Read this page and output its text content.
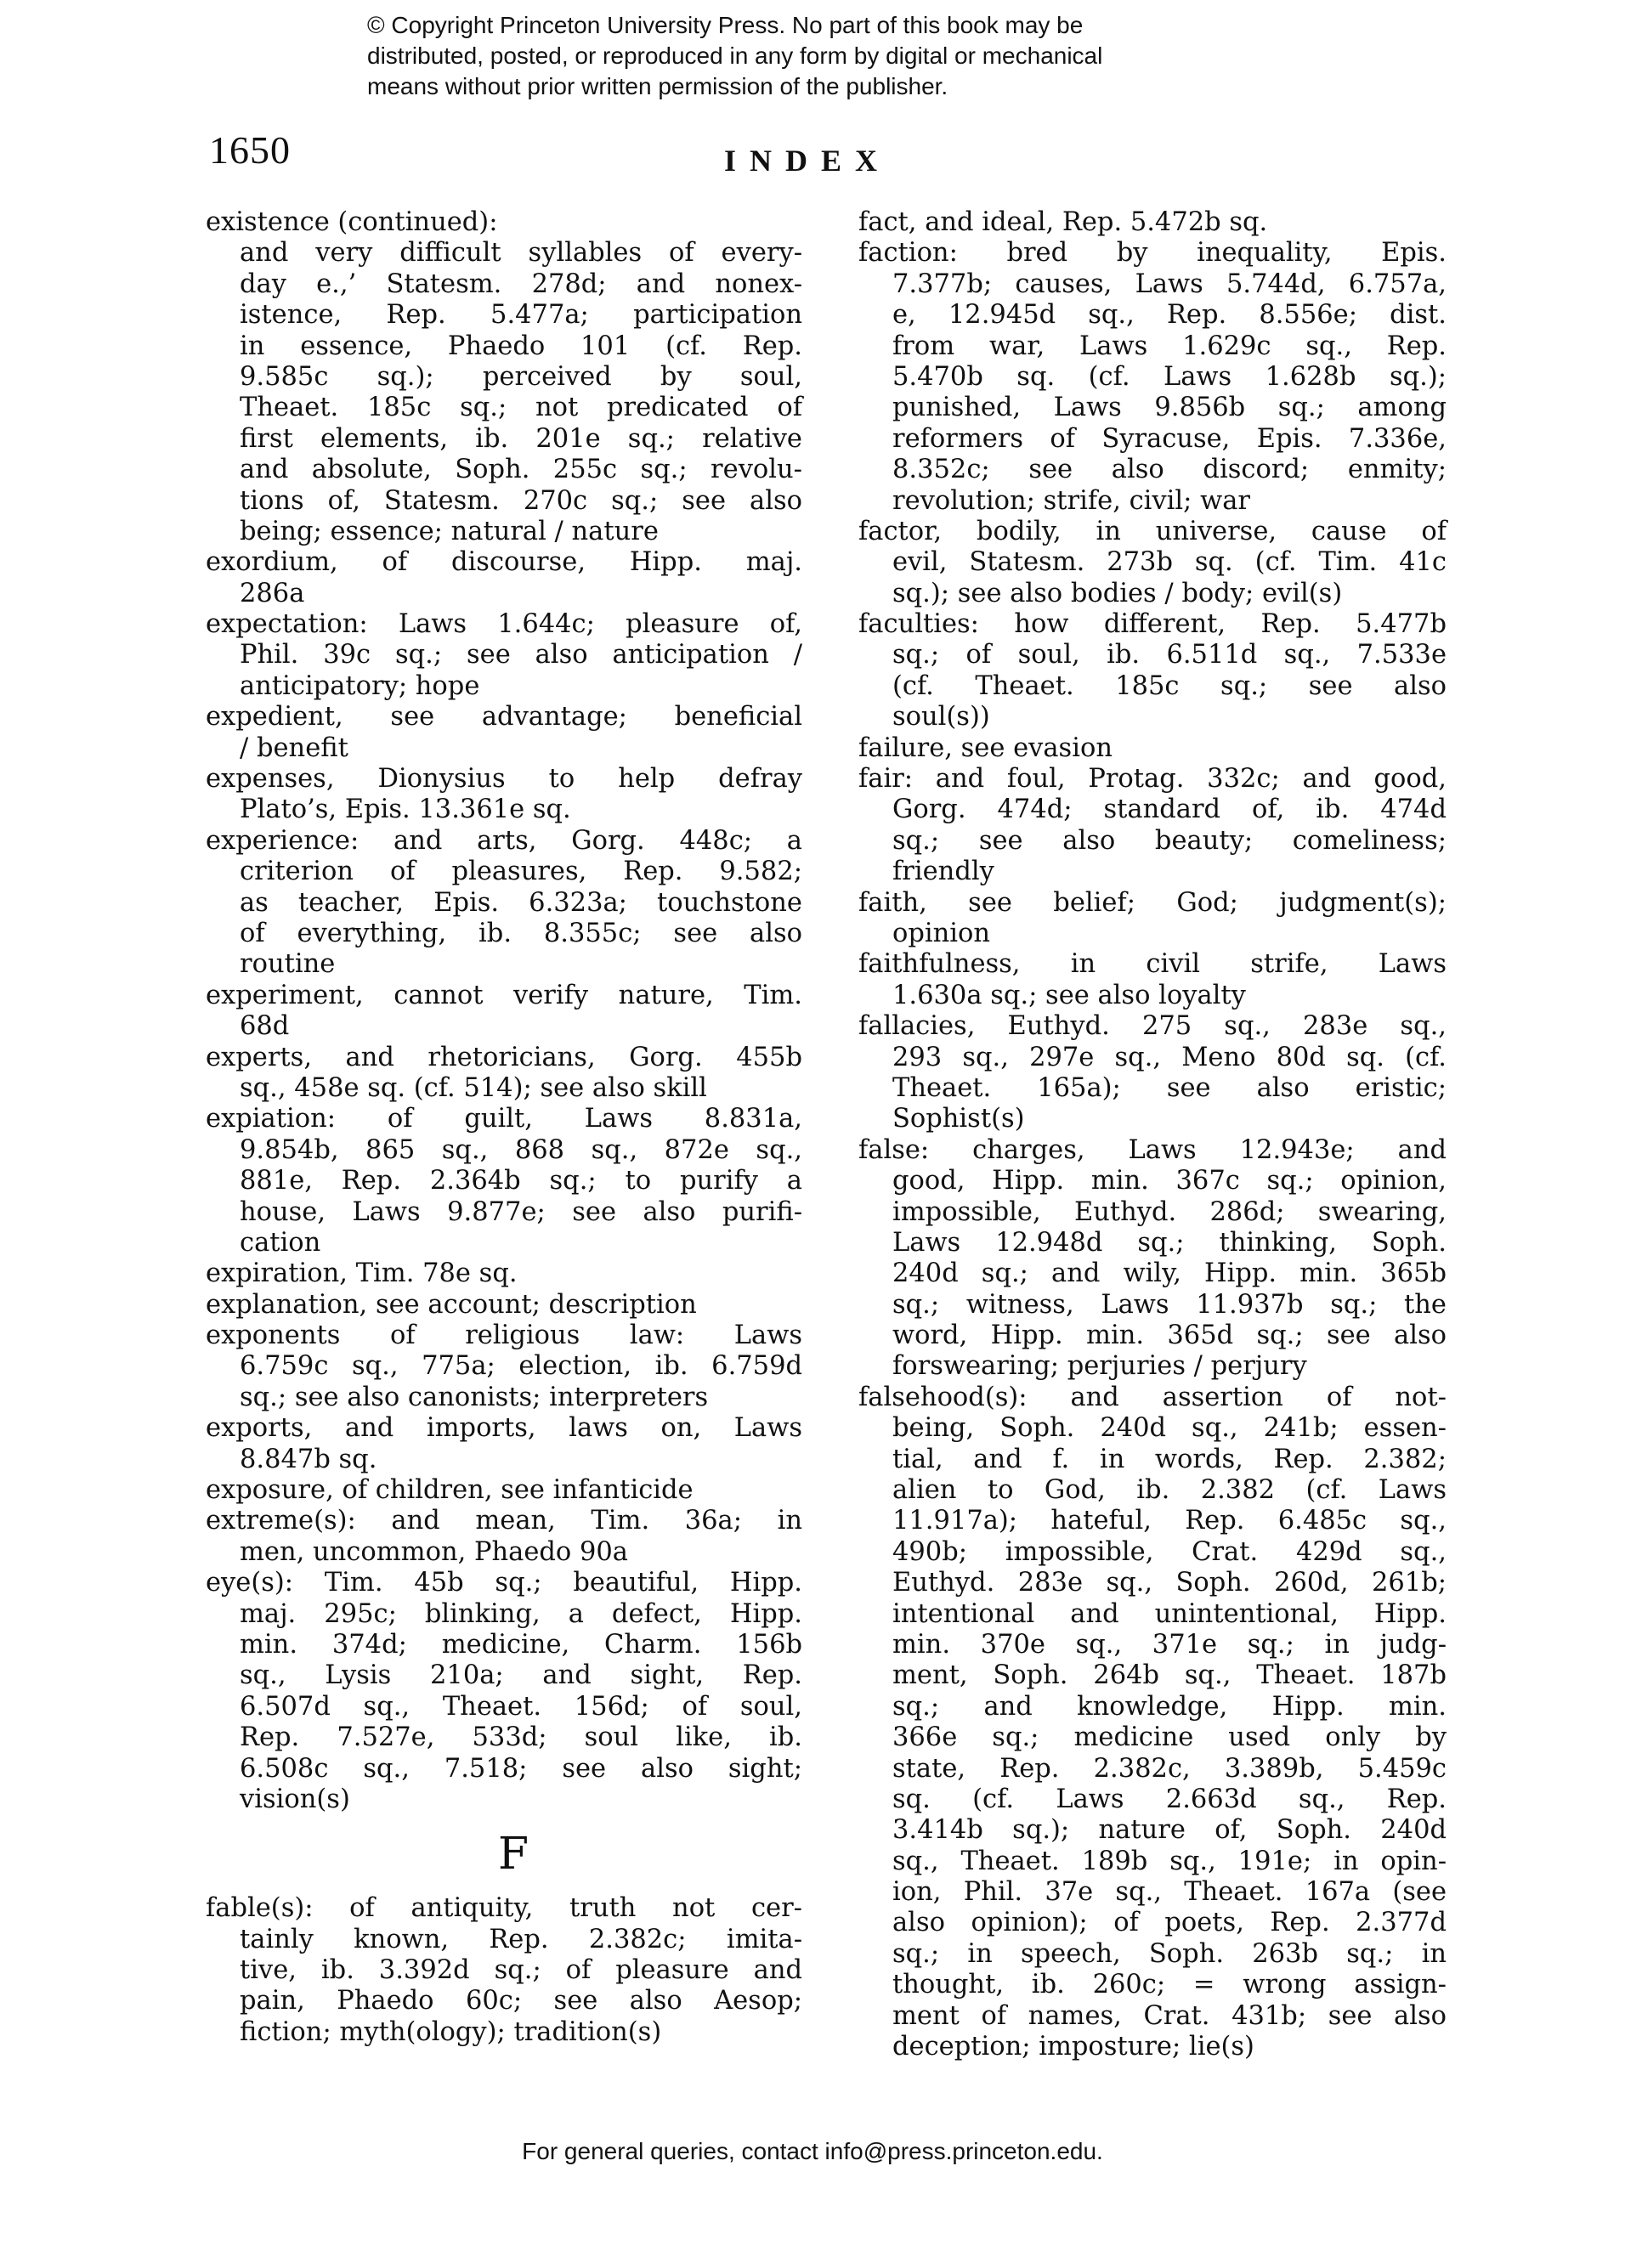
© Copyright Princeton University Press. No part of this book may be
distributed, posted, or reproduced in any form by digital or mechanical
means without prior written permission of the publisher.
1650	INDEX
existence (continued):
and very difficult syllables of every-
day e.,’ Statesm. 278d; and nonex-
istence, Rep. 5.477a; participation
in essence, Phaedo 101 (cf. Rep.
9.585c sq.); perceived by soul,
Theaet. 185c sq.; not predicated of
first elements, ib. 201e sq.; relative
and absolute, Soph. 255c sq.; revolu-
tions of, Statesm. 270c sq.; see also
being; essence; natural / nature
exordium, of discourse, Hipp. maj.
286a
expectation: Laws 1.644c; pleasure of,
Phil. 39c sq.; see also anticipation /
anticipatory; hope
expedient, see advantage; beneficial
/ benefit
expenses, Dionysius to help defray
Plato’s, Epis. 13.361e sq.
experience: and arts, Gorg. 448c; a
criterion of pleasures, Rep. 9.582;
as teacher, Epis. 6.323a; touchstone
of everything, ib. 8.355c; see also
routine
experiment, cannot verify nature, Tim.
68d
experts, and rhetoricians, Gorg. 455b
sq., 458e sq. (cf. 514); see also skill
expiation: of guilt, Laws 8.831a,
9.854b, 865 sq., 868 sq., 872e sq.,
881e, Rep. 2.364b sq.; to purify a
house, Laws 9.877e; see also purifi-
cation
expiration, Tim. 78e sq.
explanation, see account; description
exponents of religious law: Laws
6.759c sq., 775a; election, ib. 6.759d
sq.; see also canonists; interpreters
exports, and imports, laws on, Laws
8.847b sq.
exposure, of children, see infanticide
extreme(s): and mean, Tim. 36a; in
men, uncommon, Phaedo 90a
eye(s): Tim. 45b sq.; beautiful, Hipp.
maj. 295c; blinking, a defect, Hipp.
min. 374d; medicine, Charm. 156b
sq., Lysis 210a; and sight, Rep.
6.507d sq., Theaet. 156d; of soul,
Rep. 7.527e, 533d; soul like, ib.
6.508c sq., 7.518; see also sight;
vision(s)
F
fable(s): of antiquity, truth not cer-
tainly known, Rep. 2.382c; imita-
tive, ib. 3.392d sq.; of pleasure and
pain, Phaedo 60c; see also Aesop;
fiction; myth(ology); tradition(s)
fact, and ideal, Rep. 5.472b sq.
faction: bred by inequality, Epis.
7.377b; causes, Laws 5.744d, 6.757a,
e, 12.945d sq., Rep. 8.556e; dist.
from war, Laws 1.629c sq., Rep.
5.470b sq. (cf. Laws 1.628b sq.);
punished, Laws 9.856b sq.; among
reformers of Syracuse, Epis. 7.336e,
8.352c; see also discord; enmity;
revolution; strife, civil; war
factor, bodily, in universe, cause of
evil, Statesm. 273b sq. (cf. Tim. 41c
sq.); see also bodies / body; evil(s)
faculties: how different, Rep. 5.477b
sq.; of soul, ib. 6.511d sq., 7.533e
(cf. Theaet. 185c sq.; see also
soul(s))
failure, see evasion
fair: and foul, Protag. 332c; and good,
Gorg. 474d; standard of, ib. 474d
sq.; see also beauty; comeliness;
friendly
faith, see belief; God; judgment(s);
opinion
faithfulness, in civil strife, Laws
1.630a sq.; see also loyalty
fallacies, Euthyd. 275 sq., 283e sq.,
293 sq., 297e sq., Meno 80d sq. (cf.
Theaet. 165a); see also eristic;
Sophist(s)
false: charges, Laws 12.943e; and
good, Hipp. min. 367c sq.; opinion,
impossible, Euthyd. 286d; swearing,
Laws 12.948d sq.; thinking, Soph.
240d sq.; and wily, Hipp. min. 365b
sq.; witness, Laws 11.937b sq.; the
word, Hipp. min. 365d sq.; see also
forswearing; perjuries / perjury
falsehood(s): and assertion of not-
being, Soph. 240d sq., 241b; essen-
tial, and f. in words, Rep. 2.382;
alien to God, ib. 2.382 (cf. Laws
11.917a); hateful, Rep. 6.485c sq.,
490b; impossible, Crat. 429d sq.,
Euthyd. 283e sq., Soph. 260d, 261b;
intentional and unintentional, Hipp.
min. 370e sq., 371e sq.; in judg-
ment, Soph. 264b sq., Theaet. 187b
sq.; and knowledge, Hipp. min.
366e sq.; medicine used only by
state, Rep. 2.382c, 3.389b, 5.459c
sq. (cf. Laws 2.663d sq., Rep.
3.414b sq.); nature of, Soph. 240d
sq., Theaet. 189b sq., 191e; in opin-
ion, Phil. 37e sq., Theaet. 167a (see
also opinion); of poets, Rep. 2.377d
sq.; in speech, Soph. 263b sq.; in
thought, ib. 260c; = wrong assign-
ment of names, Crat. 431b; see also
deception; imposture; lie(s)
For general queries, contact info@press.princeton.edu.
